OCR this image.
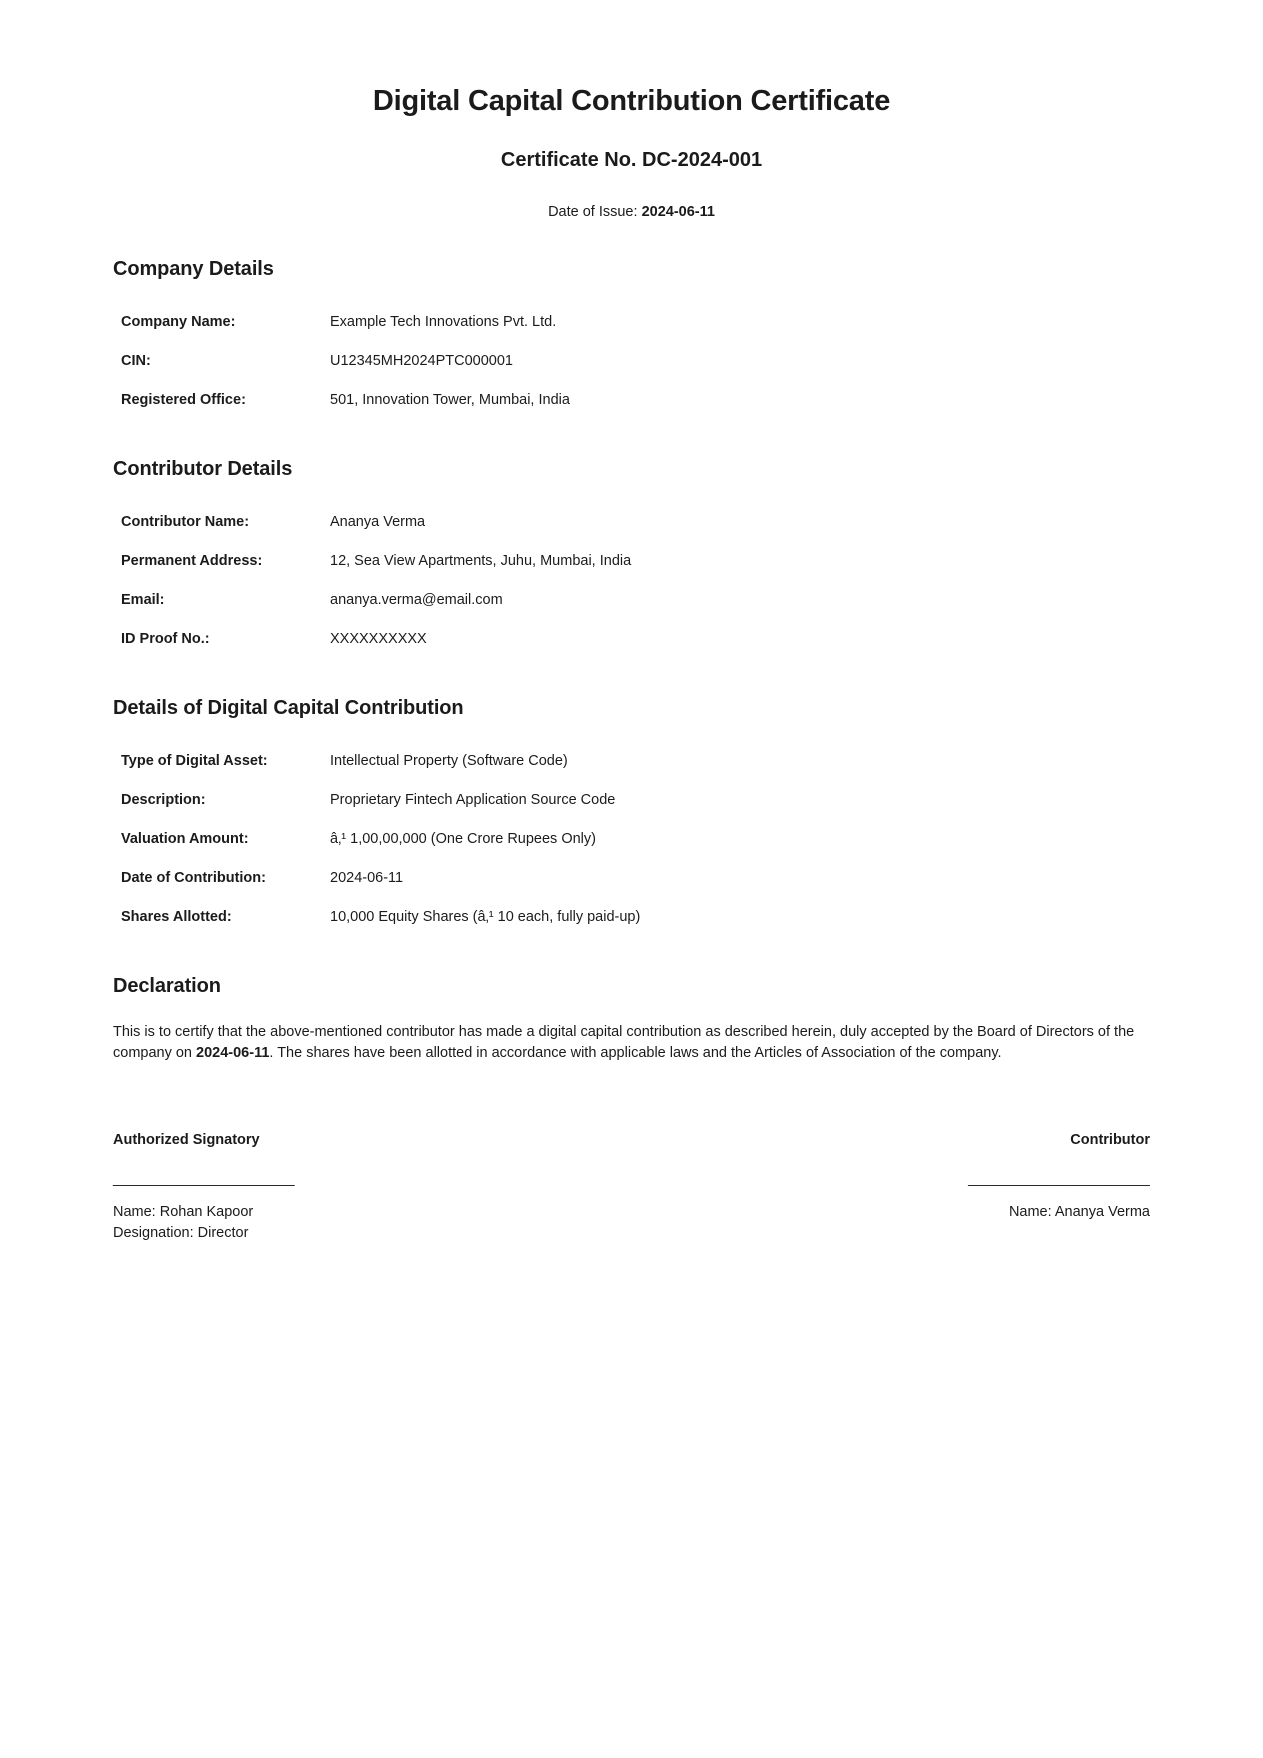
Digital Capital Contribution Certificate
Certificate No. DC-2024-001
Date of Issue: 2024-06-11
Company Details
Company Name:	Example Tech Innovations Pvt. Ltd.
CIN:	U12345MH2024PTC000001
Registered Office:	501, Innovation Tower, Mumbai, India
Contributor Details
Contributor Name:	Ananya Verma
Permanent Address:	12, Sea View Apartments, Juhu, Mumbai, India
Email:	ananya.verma@email.com
ID Proof No.:	XXXXXXXXXX
Details of Digital Capital Contribution
Type of Digital Asset:	Intellectual Property (Software Code)
Description:	Proprietary Fintech Application Source Code
Valuation Amount:	â‚¹ 1,00,00,000 (One Crore Rupees Only)
Date of Contribution:	2024-06-11
Shares Allotted:	10,000 Equity Shares (â‚¹ 10 each, fully paid-up)
Declaration

This is to certify that the above-mentioned contributor has made a digital capital contribution as described herein, duly accepted by the Board of Directors of the company on 2024-06-11. The shares have been allotted in accordance with applicable laws and the Articles of Association of the company.

Authorized Signatory
______________________
Name: Rohan Kapoor
Designation: Director
Contributor
______________________
Name: Ananya Verma
